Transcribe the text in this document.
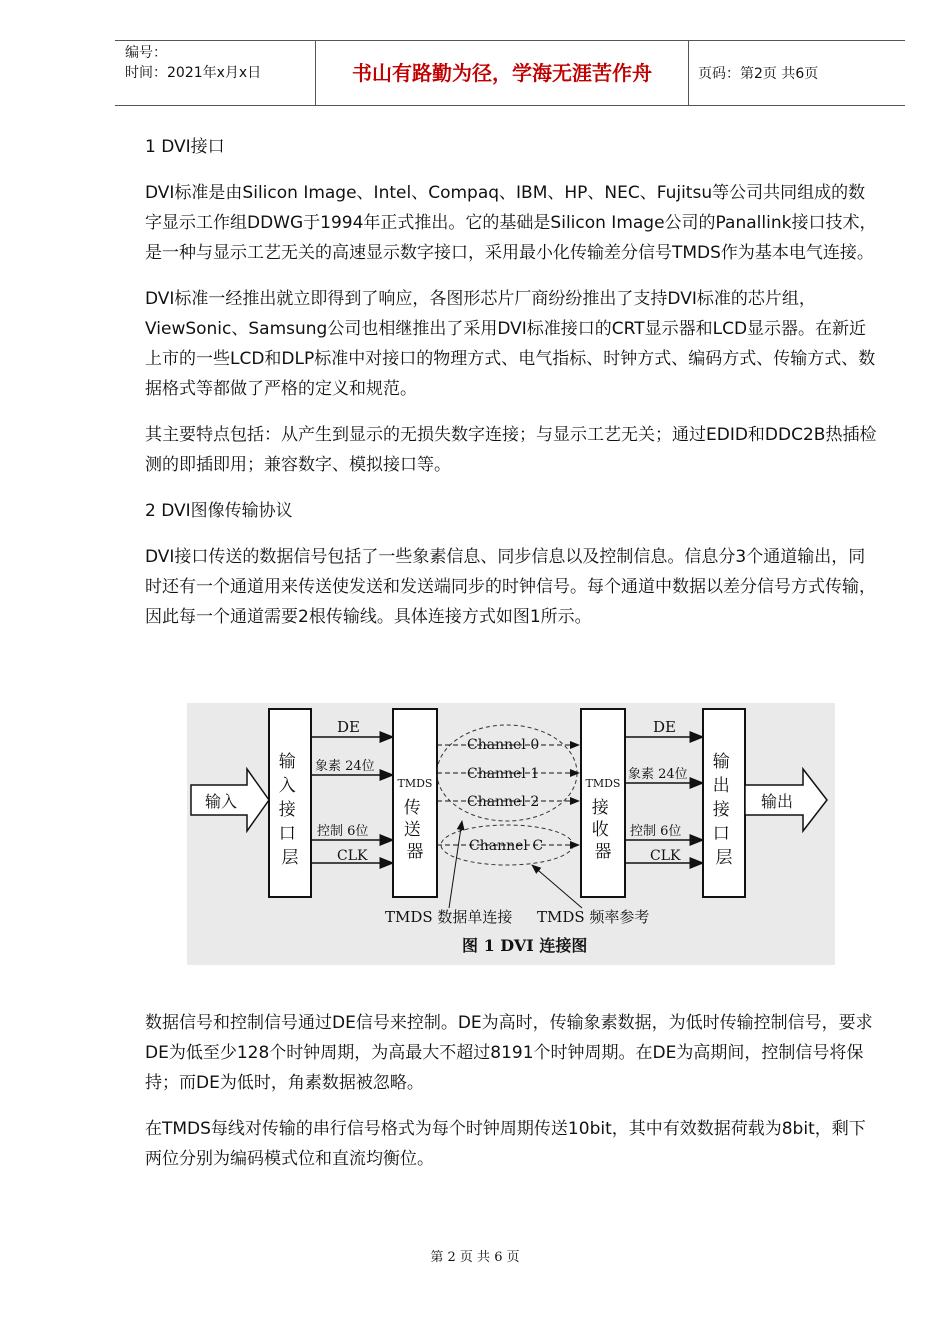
编号：
时间：2021年x月x日	书山有路勤为径，学海无涯苦作舟	页码：第2页 共6页

1 DVI接口

DVI标准是由Silicon Image、Intel、Compaq、IBM、HP、NEC、Fujitsu等公司共同组成的数字显示工作组DDWG于1994年正式推出。它的基础是Silicon Image公司的Panallink接口技术，是一种与显示工艺无关的高速显示数字接口，采用最小化传输差分信号TMDS作为基本电气连接。

DVI标准一经推出就立即得到了响应，各图形芯片厂商纷纷推出了支持DVI标准的芯片组，ViewSonic、Samsung公司也相继推出了采用DVI标准接口的CRT显示器和LCD显示器。在新近上市的一些LCD和DLP标准中对接口的物理方式、电气指标、时钟方式、编码方式、传输方式、数据格式等都做了严格的定义和规范。

其主要特点包括：从产生到显示的无损失数字连接；与显示工艺无关；通过EDID和DDC2B热插检测的即插即用；兼容数字、模拟接口等。

2 DVI图像传输协议

DVI接口传送的数据信号包括了一些象素信息、同步信息以及控制信息。信息分3个通道输出，同时还有一个通道用来传送使发送和发送端同步的时钟信号。每个通道中数据以差分信号方式传输，因此每一个通道需要2根传输线。具体连接方式如图1所示。

输入
输 入 接 口 层
DE
象素 24位
控制 6位
CLK
TMDS
传 送 器
Channel 0
Channel 1
Channel 2
Channel C
TMDS
接 收 器
DE
象素 24位
控制 6位
CLK
输 出 接 口 层
输出
TMDS 数据单连接 TMDS 频率参考
图 1 DVI 连接图

数据信号和控制信号通过DE信号来控制。DE为高时，传输象素数据，为低时传输控制信号，要求DE为低至少128个时钟周期，为高最大不超过8191个时钟周期。在DE为高期间，控制信号将保持；而DE为低时，角素数据被忽略。

在TMDS每线对传输的串行信号格式为每个时钟周期传送10bit，其中有效数据荷载为8bit，剩下两位分别为编码模式位和直流均衡位。

第 2 页 共 6 页
